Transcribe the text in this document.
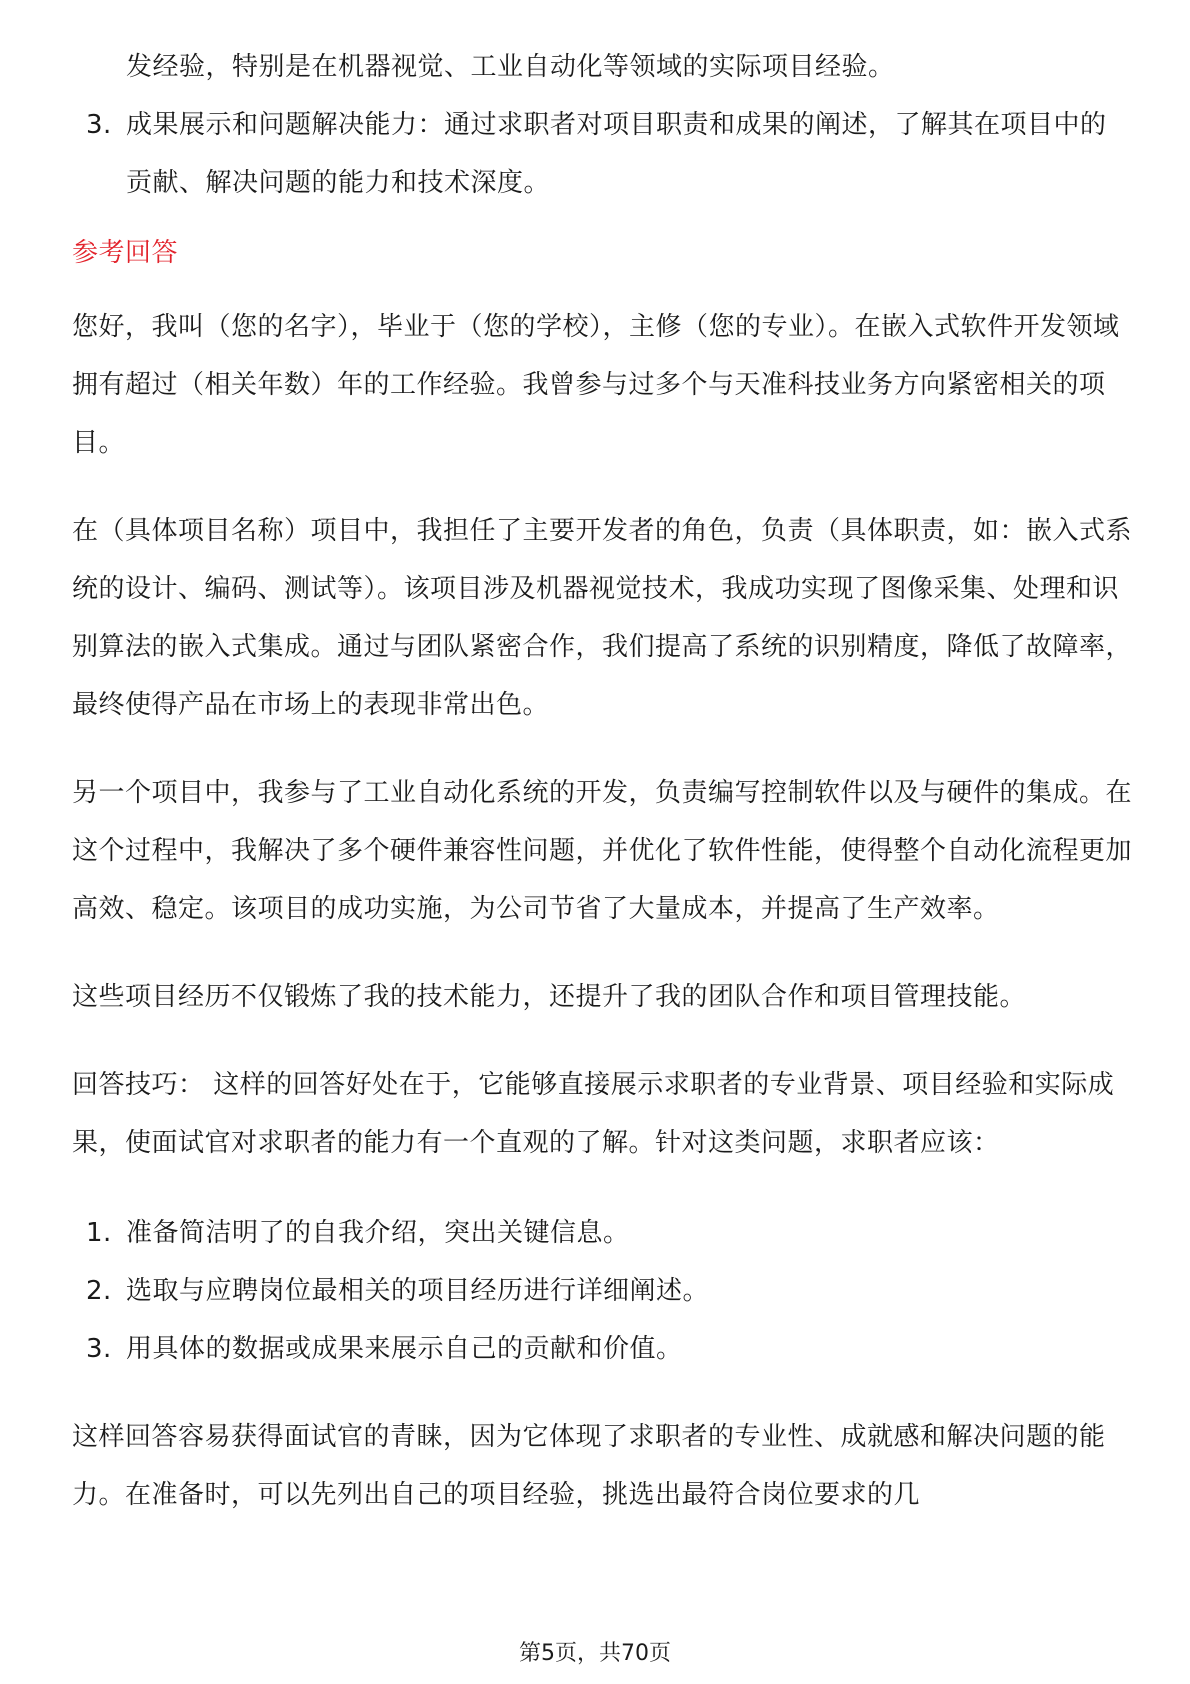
发经验，特别是在机器视觉、工业自动化等领域的实际项目经验。
3. 成果展示和问题解决能力：通过求职者对项目职责和成果的阐述，了解其在项目中的贡献、解决问题的能力和技术深度。
参考回答
您好，我叫（您的名字），毕业于（您的学校），主修（您的专业）。在嵌入式软件开发领域拥有超过（相关年数）年的工作经验。我曾参与过多个与天准科技业务方向紧密相关的项目。
在（具体项目名称）项目中，我担任了主要开发者的角色，负责（具体职责，如：嵌入式系统的设计、编码、测试等）。该项目涉及机器视觉技术，我成功实现了图像采集、处理和识别算法的嵌入式集成。通过与团队紧密合作，我们提高了系统的识别精度，降低了故障率，最终使得产品在市场上的表现非常出色。
另一个项目中，我参与了工业自动化系统的开发，负责编写控制软件以及与硬件的集成。在这个过程中，我解决了多个硬件兼容性问题，并优化了软件性能，使得整个自动化流程更加高效、稳定。该项目的成功实施，为公司节省了大量成本，并提高了生产效率。
这些项目经历不仅锻炼了我的技术能力，还提升了我的团队合作和项目管理技能。
回答技巧： 这样的回答好处在于，它能够直接展示求职者的专业背景、项目经验和实际成果，使面试官对求职者的能力有一个直观的了解。针对这类问题，求职者应该：
1. 准备简洁明了的自我介绍，突出关键信息。
2. 选取与应聘岗位最相关的项目经历进行详细阐述。
3. 用具体的数据或成果来展示自己的贡献和价值。
这样回答容易获得面试官的青睐，因为它体现了求职者的专业性、成就感和解决问题的能力。在准备时，可以先列出自己的项目经验，挑选出最符合岗位要求的几
第5页，共70页
